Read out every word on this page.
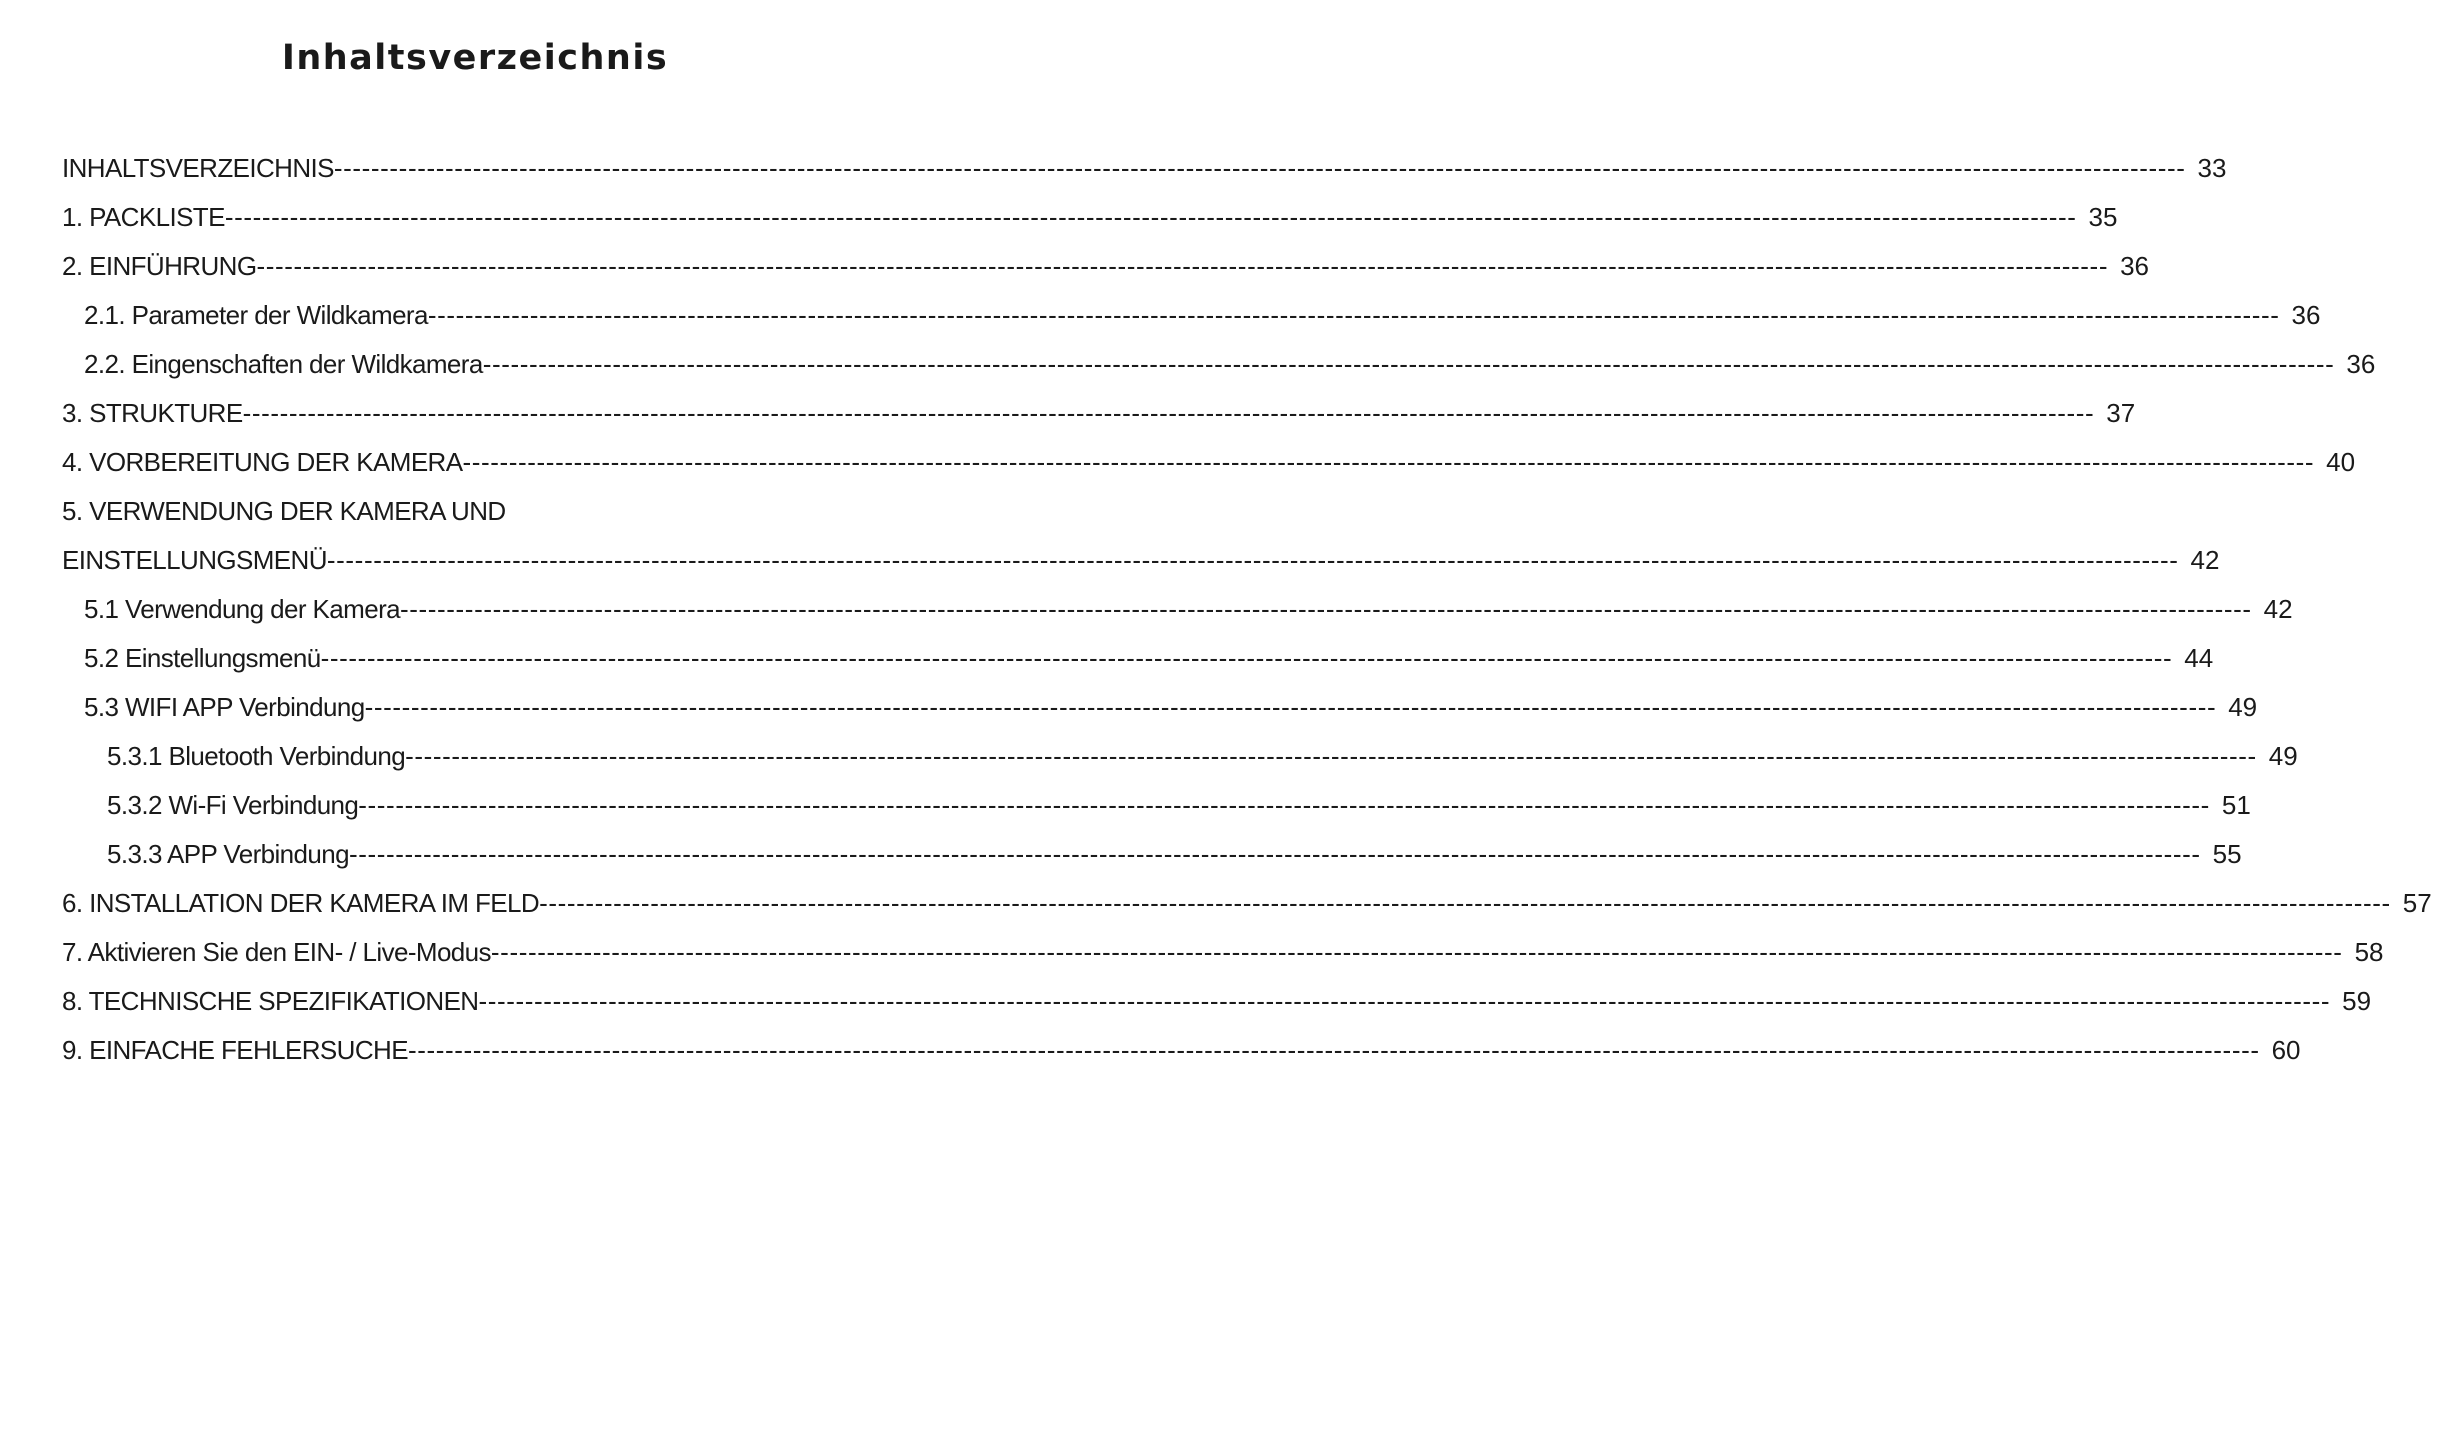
Inhaltsverzeichnis
INHALTSVERZEICHNIS -------------------------------------------------------------------------------------------------------------------------------------------------------------------------------------------------------- 33
1. PACKLISTE -------------------------------------------------------------------------------------------------------------------------------------------------------------------------------------------------------- 35
2. EINFÜHRUNG -------------------------------------------------------------------------------------------------------------------------------------------------------------------------------------------------------- 36
2.1. Parameter der Wildkamera -------------------------------------------------------------------------------------------------------------------------------------------------------------------------------------------------------- 36
2.2. Eingenschaften der Wildkamera -------------------------------------------------------------------------------------------------------------------------------------------------------------------------------------------------------- 36
3. STRUKTURE -------------------------------------------------------------------------------------------------------------------------------------------------------------------------------------------------------- 37
4. VORBEREITUNG DER KAMERA -------------------------------------------------------------------------------------------------------------------------------------------------------------------------------------------------------- 40
5. VERWENDUNG DER KAMERA UND
EINSTELLUNGSMENÜ -------------------------------------------------------------------------------------------------------------------------------------------------------------------------------------------------------- 42
5.1 Verwendung der Kamera -------------------------------------------------------------------------------------------------------------------------------------------------------------------------------------------------------- 42
5.2 Einstellungsmenü -------------------------------------------------------------------------------------------------------------------------------------------------------------------------------------------------------- 44
5.3 WIFI APP Verbindung -------------------------------------------------------------------------------------------------------------------------------------------------------------------------------------------------------- 49
5.3.1 Bluetooth Verbindung -------------------------------------------------------------------------------------------------------------------------------------------------------------------------------------------------------- 49
5.3.2 Wi-Fi Verbindung -------------------------------------------------------------------------------------------------------------------------------------------------------------------------------------------------------- 51
5.3.3 APP Verbindung -------------------------------------------------------------------------------------------------------------------------------------------------------------------------------------------------------- 55
6. INSTALLATION DER KAMERA IM FELD -------------------------------------------------------------------------------------------------------------------------------------------------------------------------------------------------------- 57
7. Aktivieren Sie den EIN- / Live-Modus -------------------------------------------------------------------------------------------------------------------------------------------------------------------------------------------------------- 58
8. TECHNISCHE SPEZIFIKATIONEN -------------------------------------------------------------------------------------------------------------------------------------------------------------------------------------------------------- 59
9. EINFACHE FEHLERSUCHE -------------------------------------------------------------------------------------------------------------------------------------------------------------------------------------------------------- 60
